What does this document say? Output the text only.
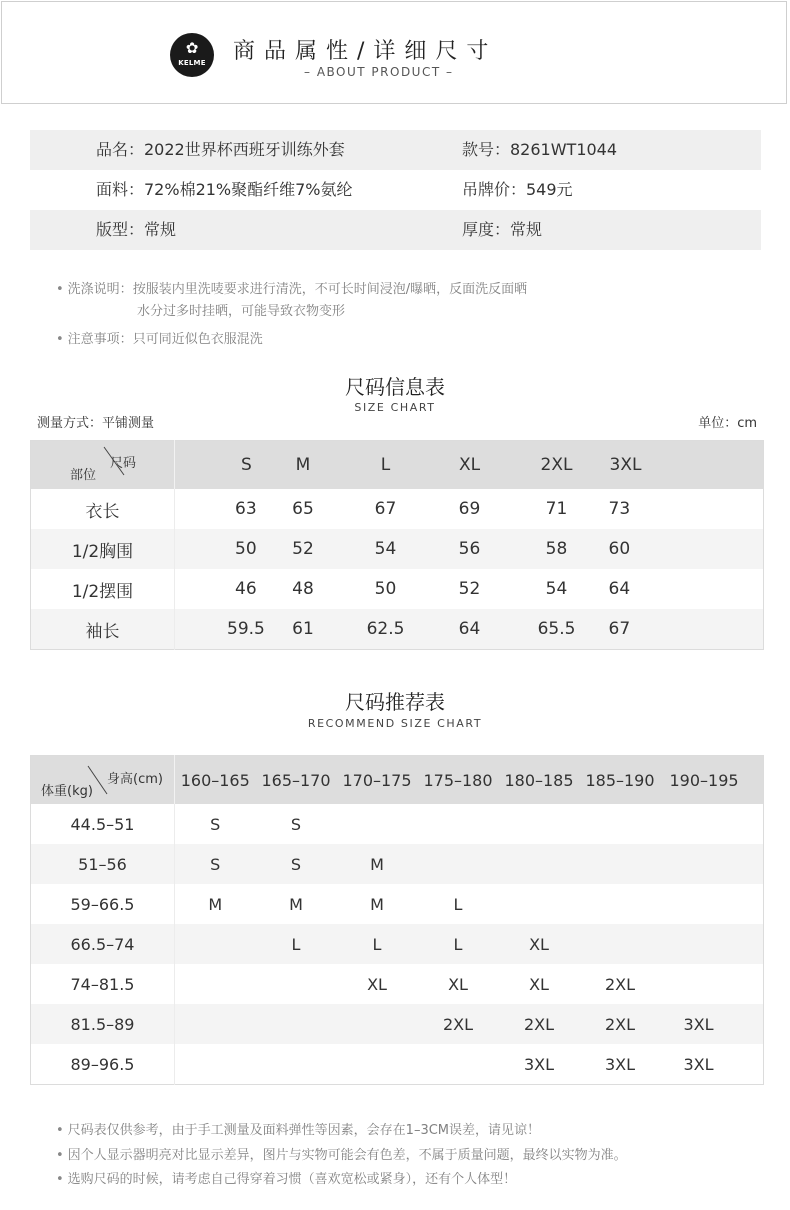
✿
KELME	商品属性/详细尺寸
– ABOUT PRODUCT –
品名：2022世界杯西班牙训练外套	款号：8261WT1044
面料：72%棉21%聚酯纤维7%氨纶	吊牌价：549元
版型：常规	厚度：常规
• 洗涤说明：按服装内里洗唛要求进行清洗，不可长时间浸泡/曝晒，反面洗反面晒
水分过多时挂晒，可能导致衣物变形
• 注意事项：只可同近似色衣服混洗
尺码信息表
SIZE CHART
测量方式：平铺测量	单位：cm
尺码
部位	S	M	L	XL	2XL	3XL
衣长	63	65	67	69	71	73
1/2胸围	50	52	54	56	58	60
1/2摆围	46	48	50	52	54	64
袖长	59.5	61	62.5	64	65.5	67
尺码推荐表
RECOMMEND SIZE CHART
身高(cm)
体重(kg)	160–165	165–170	170–175	175–180	180–185	185–190	190–195
44.5–51	S	S					
51–56	S	S	M				
59–66.5	M	M	M	L			
66.5–74		L	L	L	XL		
74–81.5			XL	XL	XL	2XL	
81.5–89				2XL	2XL	2XL	3XL
89–96.5					3XL	3XL	3XL
• 尺码表仅供参考，由于手工测量及面料弹性等因素，会存在1–3CM误差，请见谅！
• 因个人显示器明亮对比显示差异，图片与实物可能会有色差，不属于质量问题，最终以实物为准。
• 选购尺码的时候，请考虑自己得穿着习惯（喜欢宽松或紧身），还有个人体型！
